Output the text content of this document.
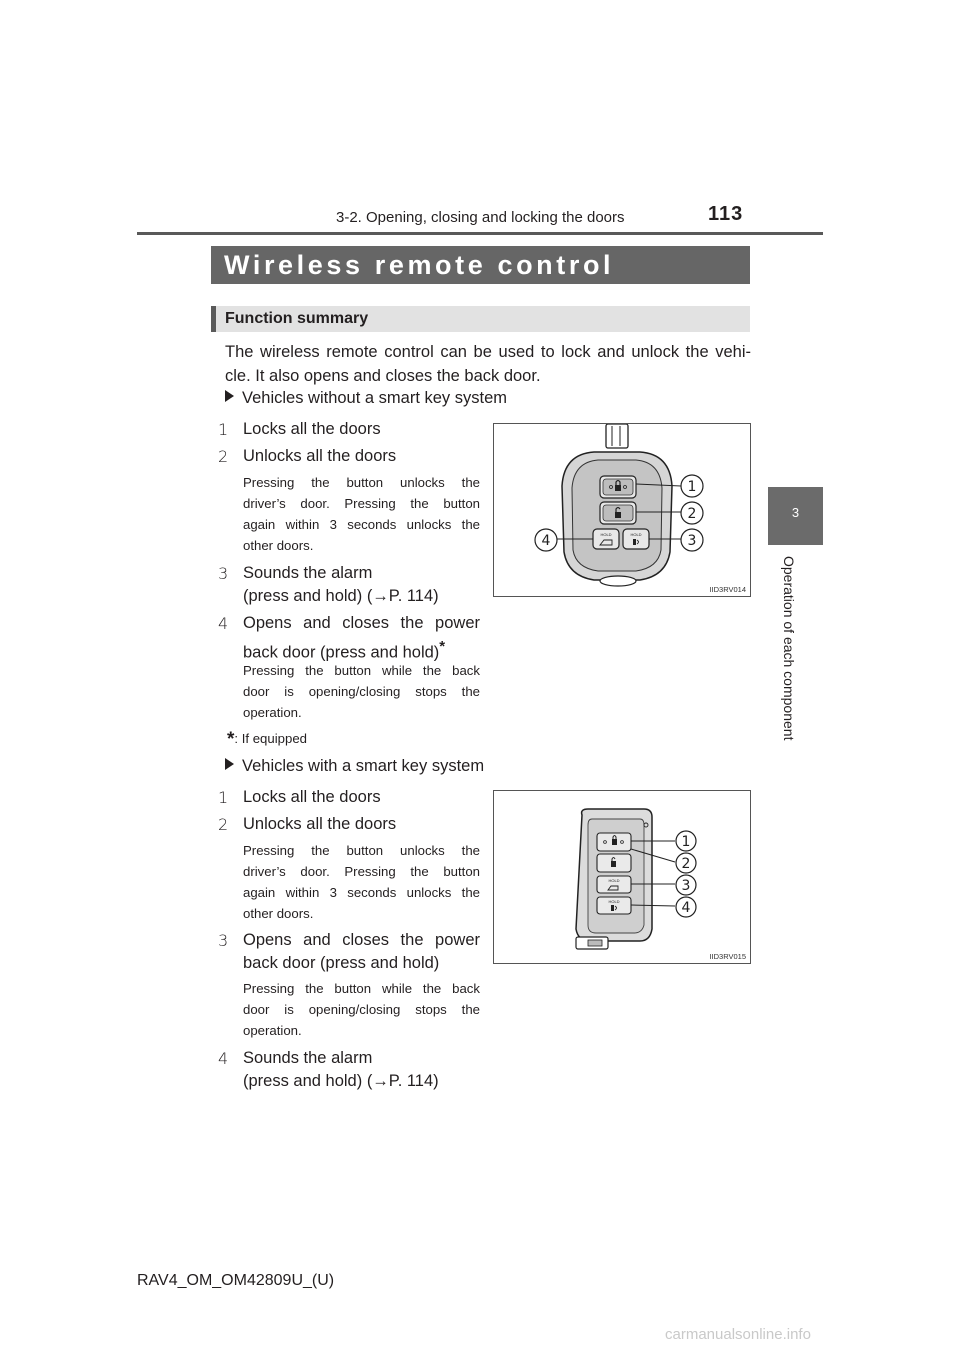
3-2. Opening, closing and locking the doors	113
3
Operation of each component
Wireless remote control
Function summary
The wireless remote control can be used to lock and unlock the vehi-
cle. It also opens and closes the back door.
Vehicles without a smart key system
1 Locks all the doors
2 Unlocks all the doors
Pressing the button unlocks the
driver’s door. Pressing the button
again within 3 seconds unlocks the
other doors.
3 Sounds the alarm
(press and hold) (→P. 114)
4 Opens and closes the power
back door (press and hold)*
Pressing the button while the back
door is opening/closing stops the
operation.
*: If equipped
HOLD	HOLD
1
2
3
4
IID3RV014
Vehicles with a smart key system
1 Locks all the doors
2 Unlocks all the doors
Pressing the button unlocks the
driver’s door. Pressing the button
again within 3 seconds unlocks the
other doors.
3 Opens and closes the power
back door (press and hold)
Pressing the button while the back
door is opening/closing stops the
operation.
4 Sounds the alarm
(press and hold) (→P. 114)
HOLD
HOLD
1
2
3
4
IID3RV015
RAV4_OM_OM42809U_(U)
carmanualsonline.info
